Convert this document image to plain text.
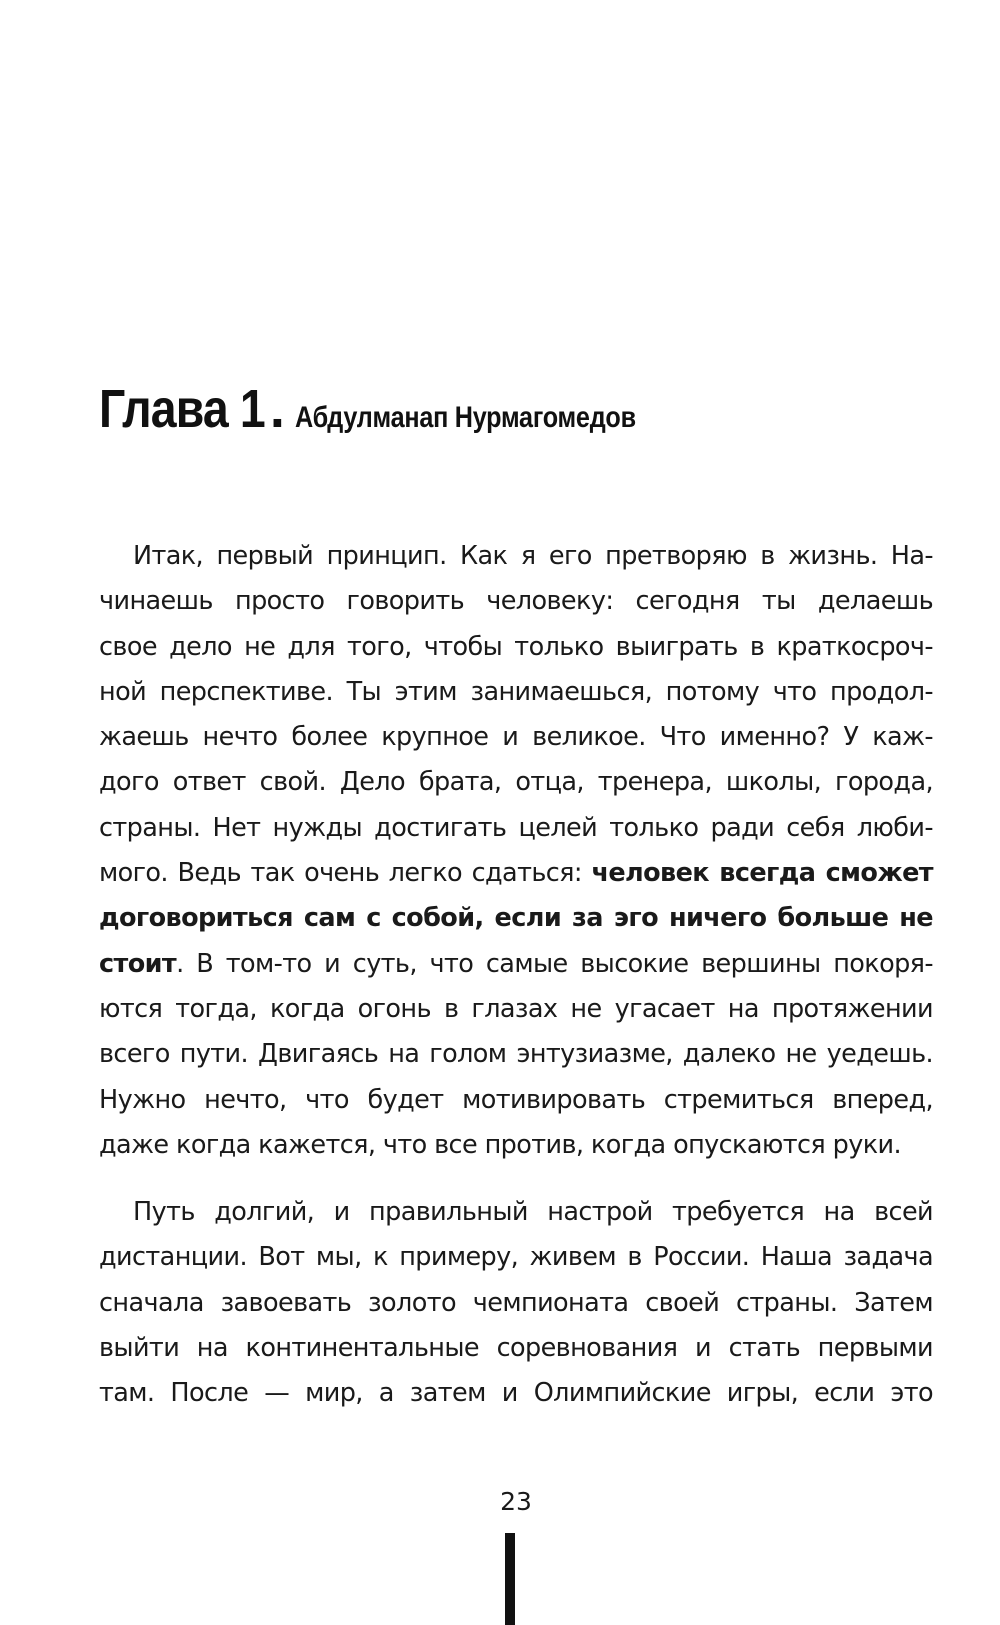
Глава 1. Абдулманап Нурмагомедов
Итак, первый принцип. Как я его претворяю в жизнь. На-
чинаешь просто говорить человеку: сегодня ты делаешь
свое дело не для того, чтобы только выиграть в краткосроч-
ной перспективе. Ты этим занимаешься, потому что продол-
жаешь нечто более крупное и великое. Что именно? У каж-
дого ответ свой. Дело брата, отца, тренера, школы, города,
страны. Нет нужды достигать целей только ради себя люби-
мого. Ведь так очень легко сдаться: человек всегда сможет
договориться сам с собой, если за эго ничего больше не
стоит. В том-то и суть, что самые высокие вершины покоря-
ются тогда, когда огонь в глазах не угасает на протяжении
всего пути. Двигаясь на голом энтузиазме, далеко не уедешь.
Нужно нечто, что будет мотивировать стремиться вперед,
даже когда кажется, что все против, когда опускаются руки.
Путь долгий, и правильный настрой требуется на всей
дистанции. Вот мы, к примеру, живем в России. Наша задача
сначала завоевать золото чемпионата своей страны. Затем
выйти на континентальные соревнования и стать первыми
там. После — мир, а затем и Олимпийские игры, если это
23
